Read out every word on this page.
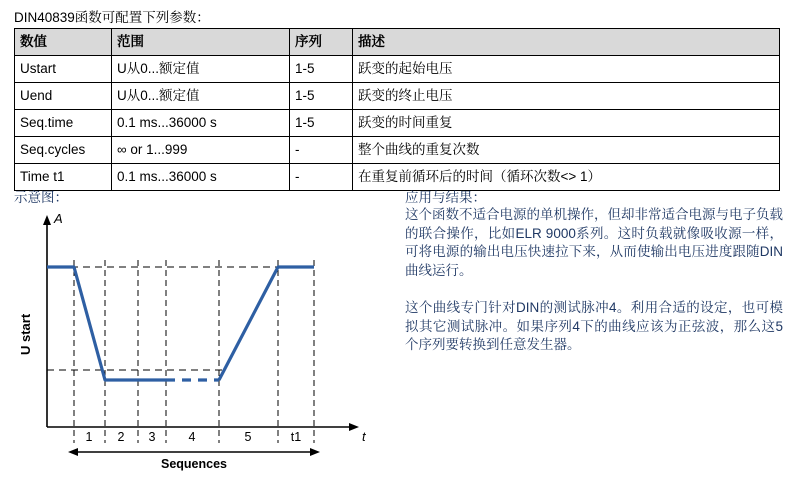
DIN40839函数可配置下列参数：
数值	范围	序列	描述
Ustart	U从0...额定值	1-5	跃变的起始电压
Uend	U从0...额定值	1-5	跃变的终止电压
Seq.time	0.1 ms...36000 s	1-5	跃变的时间重复
Seq.cycles	∞ or 1...999	-	整个曲线的重复次数
Time t1	0.1 ms...36000 s	-	在重复前循环后的时间（循环次数<> 1）
示意图：	应用与结果：
这个函数不适合电源的单机操作，但却非常适合电源与电子负载的联合操作，比如ELR 9000系列。这时负载就像吸收源一样，可将电源的输出电压快速拉下来，从而使输出电压进度跟随DIN曲线运行。
这个曲线专门针对DIN的测试脉冲4。利用合适的设定，也可模拟其它测试脉冲。如果序列4下的曲线应该为正弦波，那么这5个序列要转换到任意发生器。
A
t
U start
1	2	3	4	5	t1
Sequences
